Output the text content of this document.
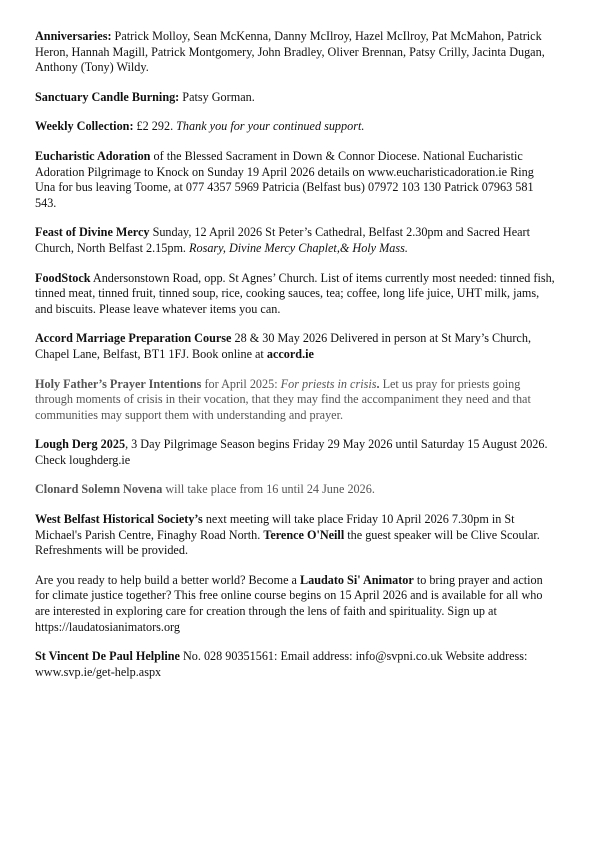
Anniversaries: Patrick Molloy, Sean McKenna, Danny McIlroy, Hazel McIlroy, Pat McMahon, Patrick Heron, Hannah Magill, Patrick Montgomery, John Bradley, Oliver Brennan, Patsy Crilly, Jacinta Dugan, Anthony (Tony) Wildy.

Sanctuary Candle Burning: Patsy Gorman.

Weekly Collection: £2 292. Thank you for your continued support.

Eucharistic Adoration of the Blessed Sacrament in Down & Connor Diocese. National Eucharistic Adoration Pilgrimage to Knock on Sunday 19 April 2026 details on www.eucharisticadoration.ie Ring Una for bus leaving Toome, at 077 4357 5969 Patricia (Belfast bus) 07972 103 130 Patrick 07963 581 543.

Feast of Divine Mercy Sunday, 12 April 2026 St Peter’s Cathedral, Belfast 2.30pm and Sacred Heart Church, North Belfast 2.15pm. Rosary, Divine Mercy Chaplet,& Holy Mass.

FoodStock Andersonstown Road, opp. St Agnes’ Church. List of items currently most needed: tinned fish, tinned meat, tinned fruit, tinned soup, rice, cooking sauces, tea; coffee, long life juice, UHT milk, jams, and biscuits. Please leave whatever items you can.

Accord Marriage Preparation Course 28 & 30 May 2026 Delivered in person at St Mary’s Church, Chapel Lane, Belfast, BT1 1FJ. Book online at accord.ie

Holy Father’s Prayer Intentions for April 2025: For priests in crisis. Let us pray for priests going through moments of crisis in their vocation, that they may find the accompaniment they need and that communities may support them with understanding and prayer.

Lough Derg 2025, 3 Day Pilgrimage Season begins Friday 29 May 2026 until Saturday 15 August 2026. Check loughderg.ie

Clonard Solemn Novena will take place from 16 until 24 June 2026.

West Belfast Historical Society’s next meeting will take place Friday 10 April 2026 7.30pm in St Michael's Parish Centre, Finaghy Road North. Terence O'Neill the guest speaker will be Clive Scoular. Refreshments will be provided.

Are you ready to help build a better world? Become a Laudato Si' Animator to bring prayer and action for climate justice together? This free online course begins on 15 April 2026 and is available for all who are interested in exploring care for creation through the lens of faith and spirituality. Sign up at https://laudatosianimators.org

St Vincent De Paul Helpline No. 028 90351561: Email address: info@svpni.co.uk Website address: www.svp.ie/get-help.aspx
